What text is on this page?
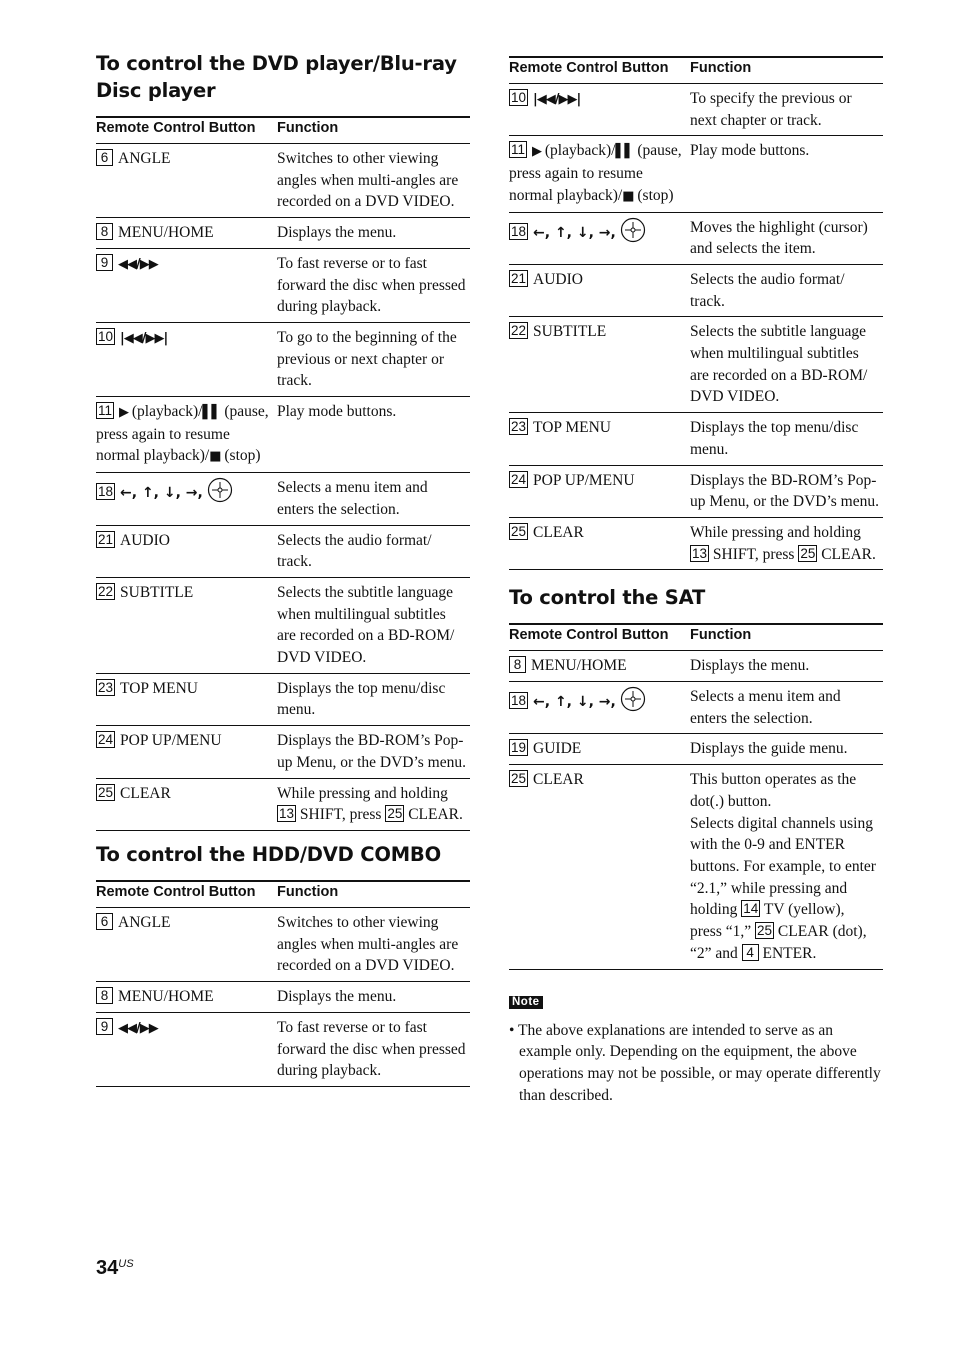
To control the DVD player/Blu-ray Disc player
Remote Control Button	Function
6 ANGLE	Switches to other viewing angles when multi-angles are recorded on a DVD VIDEO.
8 MENU/HOME	Displays the menu.
9 ◀◀/▶▶	To fast reverse or to fast forward the disc when pressed during playback.
10 |◀◀/▶▶|	To go to the beginning of the previous or next chapter or track.
11 ▶ (playback)/▌▌ (pause, press again to resume normal playback)/■ (stop)	Play mode buttons.
18 ←, ↑, ↓, →,	Selects a menu item and enters the selection.
21 AUDIO	Selects the audio format/ track.
22 SUBTITLE	Selects the subtitle language when multilingual subtitles are recorded on a BD-ROM/ DVD VIDEO.
23 TOP MENU	Displays the top menu/disc menu.
24 POP UP/MENU	Displays the BD-ROM’s Pop-up Menu, or the DVD’s menu.
25 CLEAR	While pressing and holding 13 SHIFT, press 25 CLEAR.
To control the HDD/DVD COMBO
Remote Control Button	Function
6 ANGLE	Switches to other viewing angles when multi-angles are recorded on a DVD VIDEO.
8 MENU/HOME	Displays the menu.
9 ◀◀/▶▶	To fast reverse or to fast forward the disc when pressed during playback.
Remote Control Button	Function
10 |◀◀/▶▶|	To specify the previous or next chapter or track.
11 ▶ (playback)/▌▌ (pause, press again to resume normal playback)/■ (stop)	Play mode buttons.
18 ←, ↑, ↓, →,	Moves the highlight (cursor) and selects the item.
21 AUDIO	Selects the audio format/ track.
22 SUBTITLE	Selects the subtitle language when multilingual subtitles are recorded on a BD-ROM/ DVD VIDEO.
23 TOP MENU	Displays the top menu/disc menu.
24 POP UP/MENU	Displays the BD-ROM’s Pop-up Menu, or the DVD’s menu.
25 CLEAR	While pressing and holding 13 SHIFT, press 25 CLEAR.
To control the SAT
Remote Control Button	Function
8 MENU/HOME	Displays the menu.
18 ←, ↑, ↓, →,	Selects a menu item and enters the selection.
19 GUIDE	Displays the guide menu.
25 CLEAR	This button operates as the dot(.) button.
Selects digital channels using with the 0-9 and ENTER buttons. For example, to enter “2.1,” while pressing and holding 14 TV (yellow), press “1,” 25 CLEAR (dot), “2” and 4 ENTER.
Note

• The above explanations are intended to serve as an example only. Depending on the equipment, the above operations may not be possible, or may operate differently than described.

$34^{US}$
